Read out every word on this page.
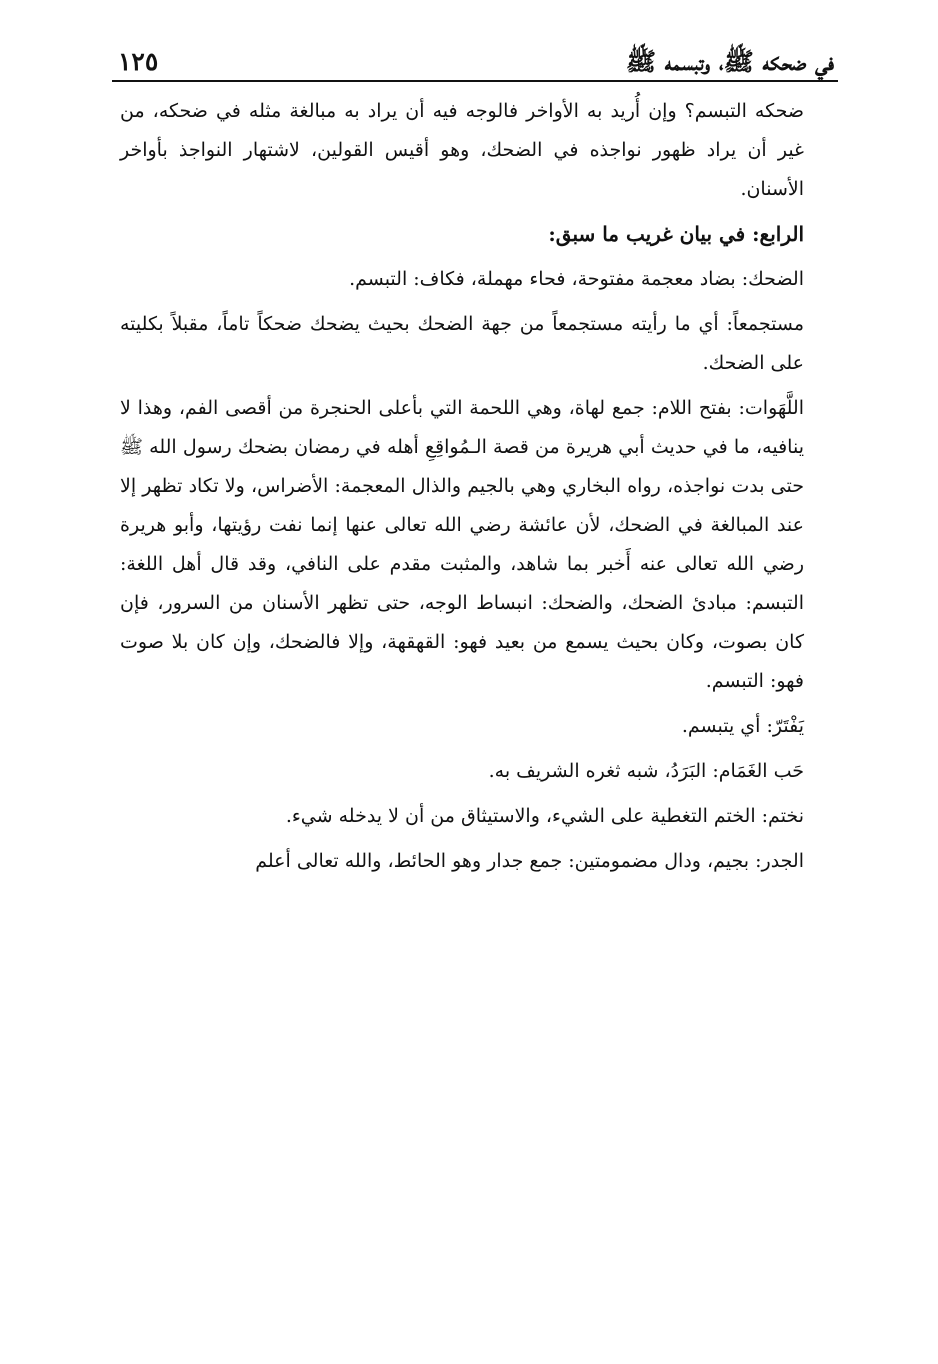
في ضحكه ﷺ، وتبسمه ﷺ
١٢٥

ضحكه التبسم؟ وإن أُريد به الأواخر فالوجه فيه أن يراد به مبالغة مثله في ضحكه، من غير أن يراد ظهور نواجذه في الضحك، وهو أقيس القولين، لاشتهار النواجذ بأواخر الأسنان.

الرابع: في بيان غريب ما سبق:

الضحك: بضاد معجمة مفتوحة، فحاء مهملة، فكاف: التبسم.

مستجمعاً: أي ما رأيته مستجمعاً من جهة الضحك بحيث يضحك ضحكاً تاماً، مقبلاً بكليته على الضحك.

اللَّهَوات: بفتح اللام: جمع لهاة، وهي اللحمة التي بأعلى الحنجرة من أقصى الفم، وهذا لا ينافيه، ما في حديث أبي هريرة من قصة الـمُواقِعِ أهله في رمضان بضحك رسول الله ﷺ حتى بدت نواجذه، رواه البخاري وهي بالجيم والذال المعجمة: الأضراس، ولا تكاد تظهر إلا عند المبالغة في الضحك، لأن عائشة رضي الله تعالى عنها إنما نفت رؤيتها، وأبو هريرة رضي الله تعالى عنه أَخبر بما شاهد، والمثبت مقدم على النافي، وقد قال أهل اللغة: التبسم: مبادئ الضحك، والضحك: انبساط الوجه، حتى تظهر الأسنان من السرور، فإن كان بصوت، وكان بحيث يسمع من بعيد فهو: القهقهة، وإلا فالضحك، وإن كان بلا صوت فهو: التبسم.

يَفْتَرّ: أي يتبسم.

حَب الغَمَام: البَرَدُ، شبه ثغره الشريف به.

نختم: الختم التغطية على الشيء، والاستيثاق من أن لا يدخله شيء.

الجدر: بجيم، ودال مضمومتين: جمع جدار وهو الحائط، والله تعالى أعلم
